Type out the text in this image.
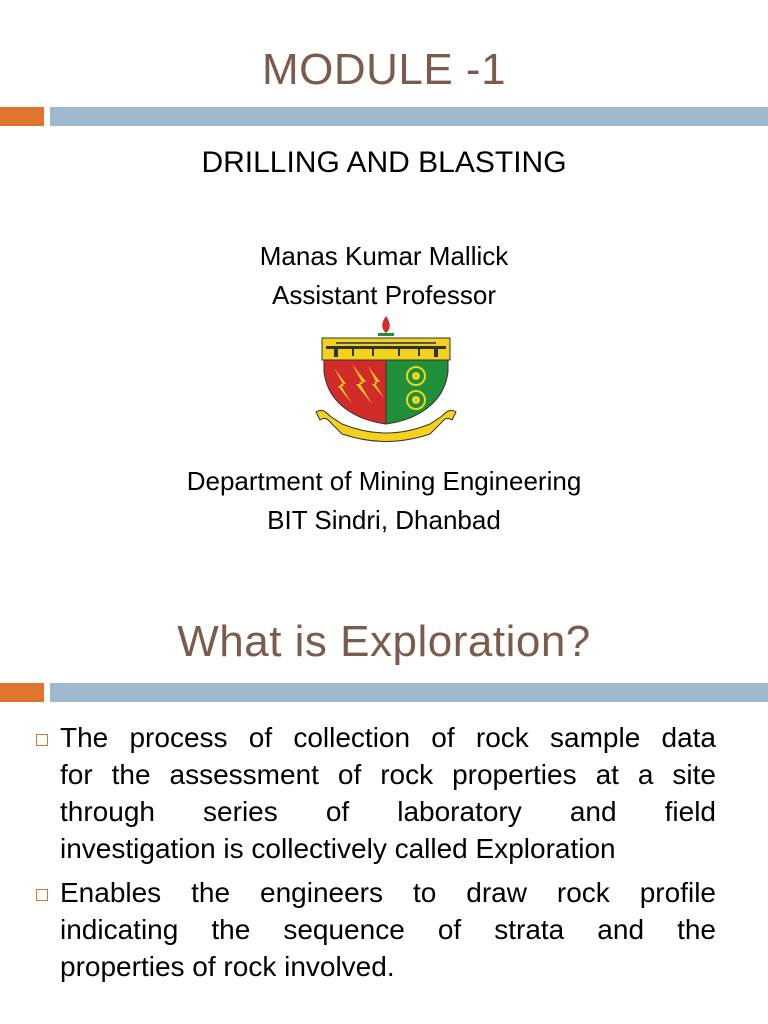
MODULE -1
DRILLING AND BLASTING
Manas Kumar Mallick
Assistant Professor
Department of Mining Engineering
BIT Sindri, Dhanbad
What is Exploration?
The process of collection of rock sample data
for the assessment of rock properties at a site
through series of laboratory and field
investigation is collectively called Exploration
Enables the engineers to draw rock profile
indicating the sequence of strata and the
properties of rock involved.
